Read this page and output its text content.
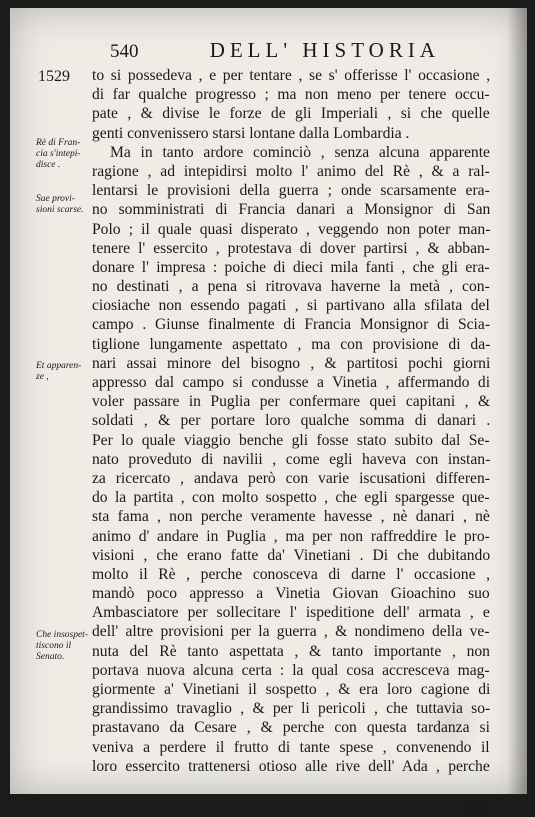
540	DELL' HISTORIA
1529
Rè di Fran-
cia s'intepi-
disce .
Sue provi-
sioni scarse.
Et apparen-
ze ,
Che insospet-
tiscono il
Senato.
to si possedeva , e per tentare , se s' offerisse l' occasione ,
di far qualche progresso ; ma non meno per tenere occu-
pate , & divise le forze de gli Imperiali , si che quelle
genti convenissero starsi lontane dalla Lombardia .
Ma in tanto ardore cominciò , senza alcuna apparente
ragione , ad intepidirsi molto l' animo del Rè , & a ral-
lentarsi le provisioni della guerra ; onde scarsamente era-
no somministrati di Francia danari a Monsignor di San
Polo ; il quale quasi disperato , veggendo non poter man-
tenere l' essercito , protestava di dover partirsi , & abban-
donare l' impresa : poiche di dieci mila fanti , che gli era-
no destinati , a pena si ritrovava haverne la metà , con-
ciosiache non essendo pagati , si partivano alla sfilata del
campo . Giunse finalmente di Francia Monsignor di Scia-
tiglione lungamente aspettato , ma con provisione di da-
nari assai minore del bisogno , & partitosi pochi giorni
appresso dal campo si condusse a Vinetia , affermando di
voler passare in Puglia per confermare quei capitani , &
soldati , & per portare loro qualche somma di danari .
Per lo quale viaggio benche gli fosse stato subito dal Se-
nato proveduto di navilii , come egli haveva con instan-
za ricercato , andava però con varie iscusationi differen-
do la partita , con molto sospetto , che egli spargesse que-
sta fama , non perche veramente havesse , nè danari , nè
animo d' andare in Puglia , ma per non raffreddire le pro-
visioni , che erano fatte da' Vinetiani . Di che dubitando
molto il Rè , perche conosceva di darne l' occasione ,
mandò poco appresso a Vinetia Giovan Gioachino suo
Ambasciatore per sollecitare l' ispeditione dell' armata , e
dell' altre provisioni per la guerra , & nondimeno della ve-
nuta del Rè tanto aspettata , & tanto importante , non
portava nuova alcuna certa : la qual cosa accresceva mag-
giormente a' Vinetiani il sospetto , & era loro cagione di
grandissimo travaglio , & per li pericoli , che tuttavia so-
prastavano da Cesare , & perche con questa tardanza si
veniva a perdere il frutto di tante spese , convenendo il
loro essercito trattenersi otioso alle rive dell' Ada , perche
solo
